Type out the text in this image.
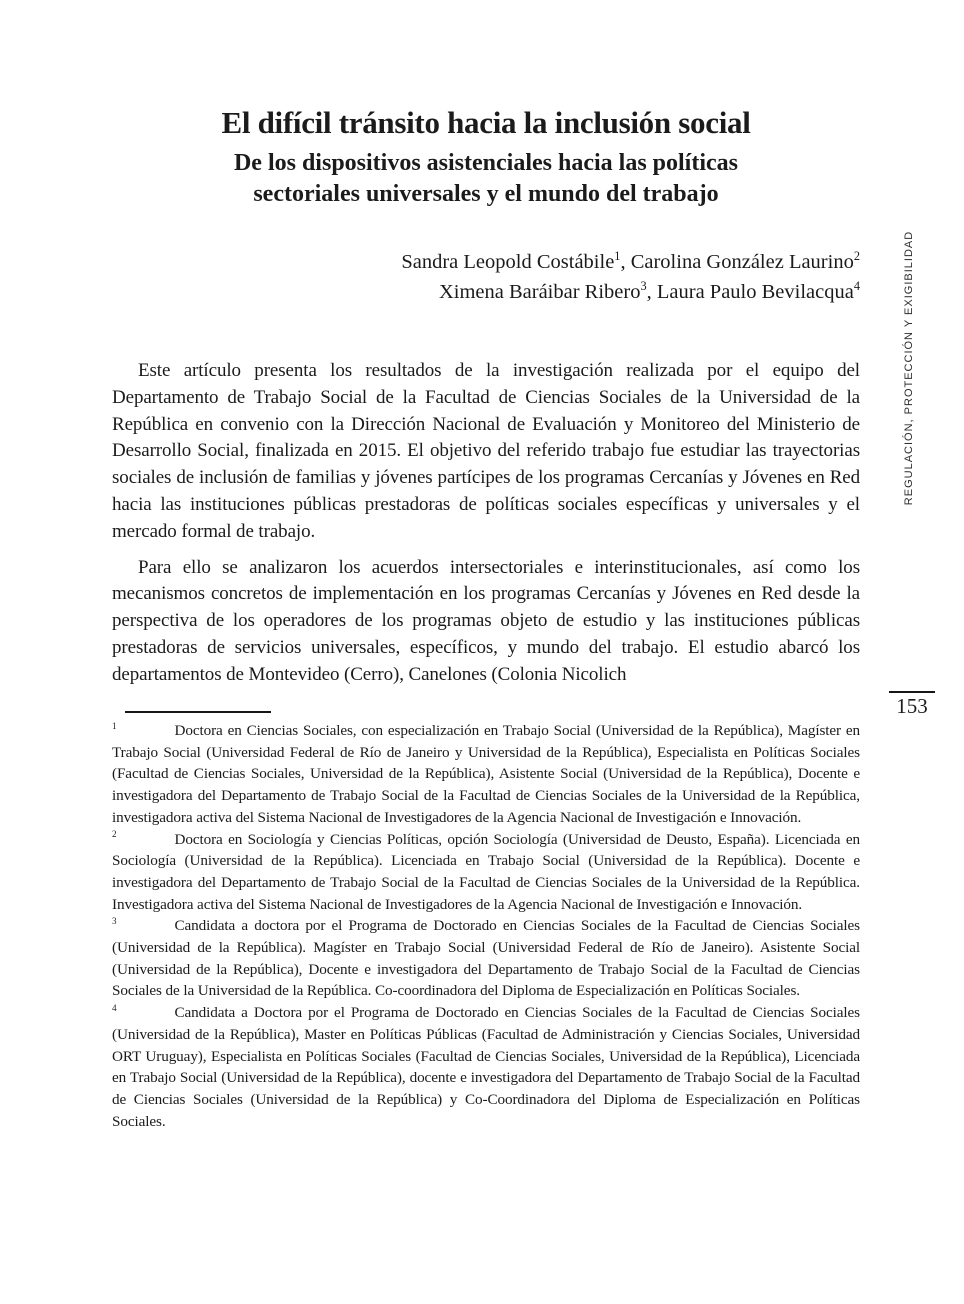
El difícil tránsito hacia la inclusión social
De los dispositivos asistenciales hacia las políticas
sectoriales universales y el mundo del trabajo
Sandra Leopold Costábile$^1$, Carolina González Laurino$^2$
Ximena Baráibar Ribero$^3$, Laura Paulo Bevilacqua$^4$

Este artículo presenta los resultados de la investigación realizada por el equipo del Departamento de Trabajo Social de la Facultad de Ciencias Sociales de la Universidad de la República en convenio con la Dirección Nacional de Evaluación y Monitoreo del Ministerio de Desarrollo Social, finalizada en 2015. El objetivo del referido trabajo fue estudiar las trayectorias sociales de inclusión de familias y jóvenes partícipes de los programas Cercanías y Jóvenes en Red hacia las instituciones públicas prestadoras de políticas sociales específicas y universales y el mercado formal de trabajo.

Para ello se analizaron los acuerdos intersectoriales e interinstitucionales, así como los mecanismos concretos de implementación en los programas Cercanías y Jóvenes en Red desde la perspectiva de los operadores de los programas objeto de estudio y las instituciones públicas prestadoras de servicios universales, específicos, y mundo del trabajo. El estudio abarcó los departamentos de Montevideo (Cerro), Canelones (Colonia Nicolich

$^1$	Doctora en Ciencias Sociales, con especialización en Trabajo Social (Universidad de la República), Magíster en Trabajo Social (Universidad Federal de Río de Janeiro y Universidad de la República), Especialista en Políticas Sociales (Facultad de Ciencias Sociales, Universidad de la República), Asistente Social (Universidad de la República), Docente e investigadora del Departamento de Trabajo Social de la Facultad de Ciencias Sociales de la Universidad de la República, investigadora activa del Sistema Nacional de Investigadores de la Agencia Nacional de Investigación e Innovación.

$^2$	Doctora en Sociología y Ciencias Políticas, opción Sociología (Universidad de Deusto, España). Licenciada en Sociología (Universidad de la República). Licenciada en Trabajo Social (Universidad de la República). Docente e investigadora del Departamento de Trabajo Social de la Facultad de Ciencias Sociales de la Universidad de la República. Investigadora activa del Sistema Nacional de Investigadores de la Agencia Nacional de Investigación e Innovación.

$^3$	Candidata a doctora por el Programa de Doctorado en Ciencias Sociales de la Facultad de Ciencias Sociales (Universidad de la República). Magíster en Trabajo Social (Universidad Federal de Río de Janeiro). Asistente Social (Universidad de la República), Docente e investigadora del Departamento de Trabajo Social de la Facultad de Ciencias Sociales de la Universidad de la República. Co-coordinadora del Diploma de Especialización en Políticas Sociales.

$^4$	Candidata a Doctora por el Programa de Doctorado en Ciencias Sociales de la Facultad de Ciencias Sociales (Universidad de la República), Master en Políticas Públicas (Facultad de Administración y Ciencias Sociales, Universidad ORT Uruguay), Especialista en Políticas Sociales (Facultad de Ciencias Sociales, Universidad de la República), Licenciada en Trabajo Social (Universidad de la República), docente e investigadora del Departamento de Trabajo Social de la Facultad de Ciencias Sociales (Universidad de la República) y Co-Coordinadora del Diploma de Especialización en Políticas Sociales.

REGULACIÓN, PROTECCIÓN Y EXIGIBILIDAD
153
